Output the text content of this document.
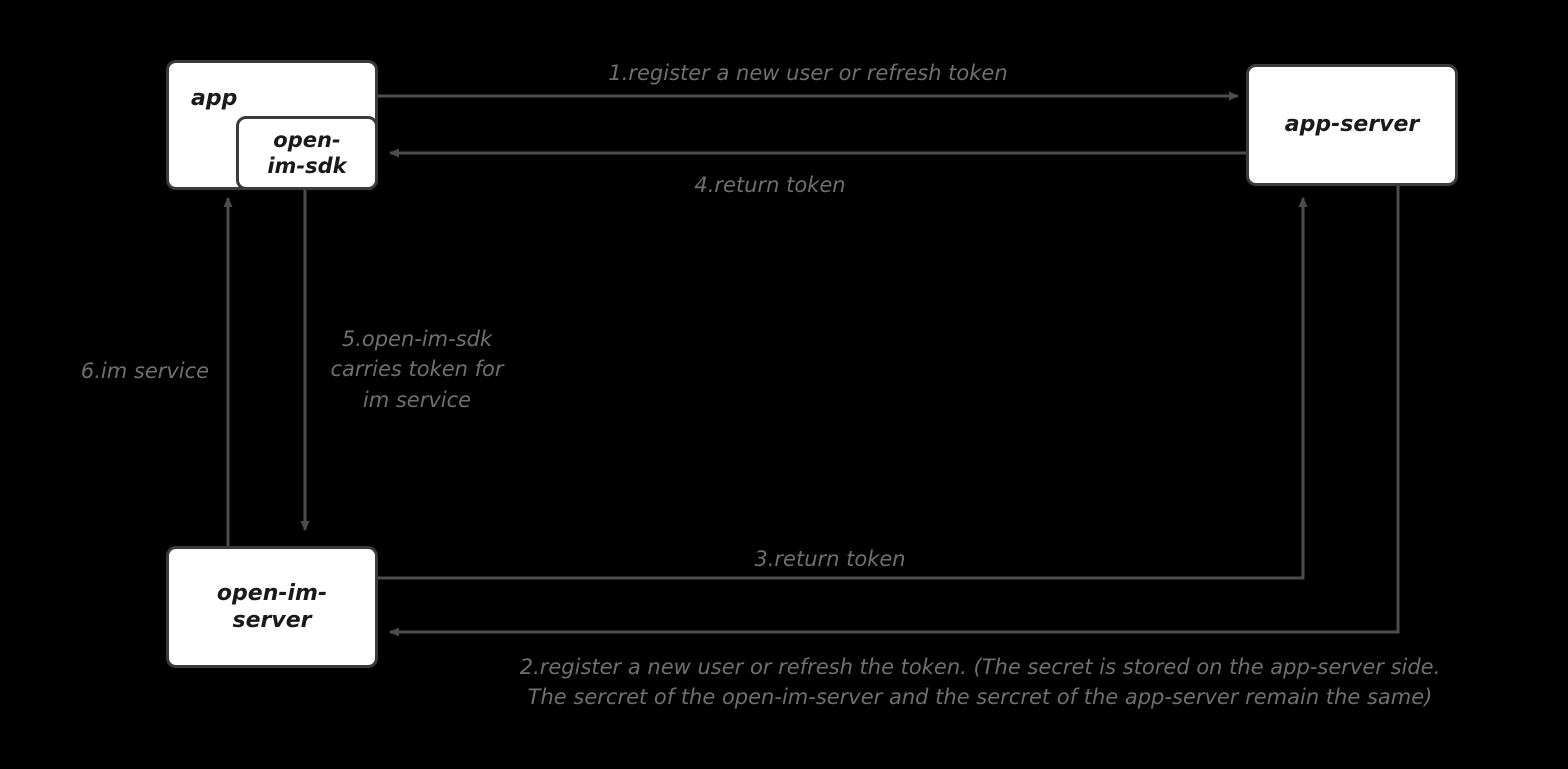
app
open-
im-sdk
app-server
open-im-
server
1.register a new user or refresh token
4.return token
6.im service
5.open-im-sdk
carries token for
im service
3.return token
2.register a new user or refresh the token. (The secret is stored on the app-server side.
The sercret of the open-im-server and the sercret of the app-server remain the same)
